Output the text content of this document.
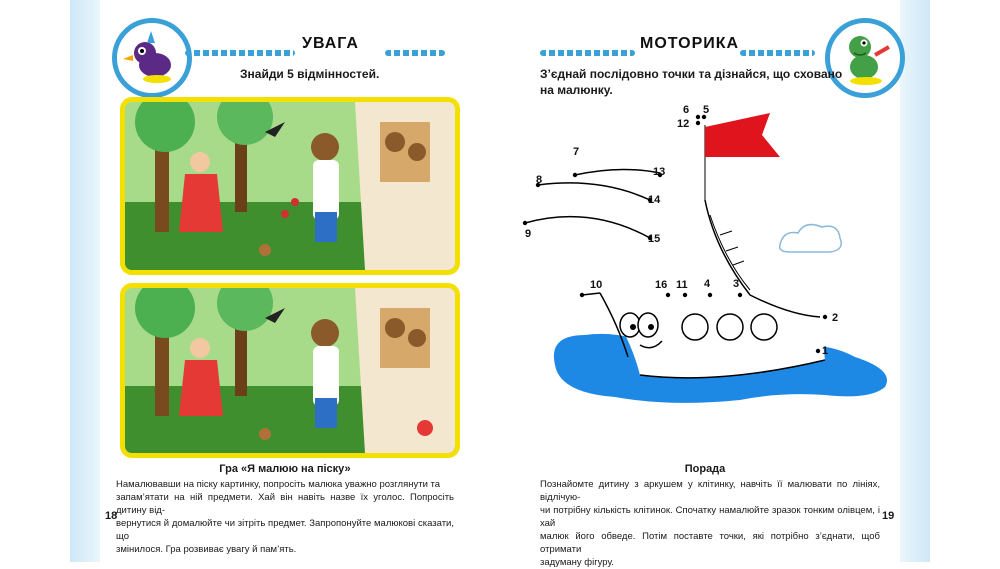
УВАГА
Знайди 5 відмінностей.
Гра «Я малюю на піску»
Намалювавши на піску картинку, попросіть малюка уважно розглянути та
запам’ятати на ній предмети. Хай він навіть назве їх уголос. Попросіть дитину від-
вернутися й домалюйте чи зітріть предмет. Запропонуйте малюкові сказати, що
змінилося. Гра розвиває увагу й пам’ять.
18
МОТОРИКА
З’єднай послідовно точки та дізнайся, що сховано
на малюнку.
1
2
3
4
5
6
7
8
9
10	11
12
13
14
15
16
Порада
Познайомте дитину з аркушем у клітинку, навчіть її малювати по лініях, відлічую-
чи потрібну кількість клітинок. Спочатку намалюйте зразок тонким олівцем, і хай
малюк його обведе. Потім поставте точки, які потрібно з’єднати, щоб отримати
задуману фігуру.
19
